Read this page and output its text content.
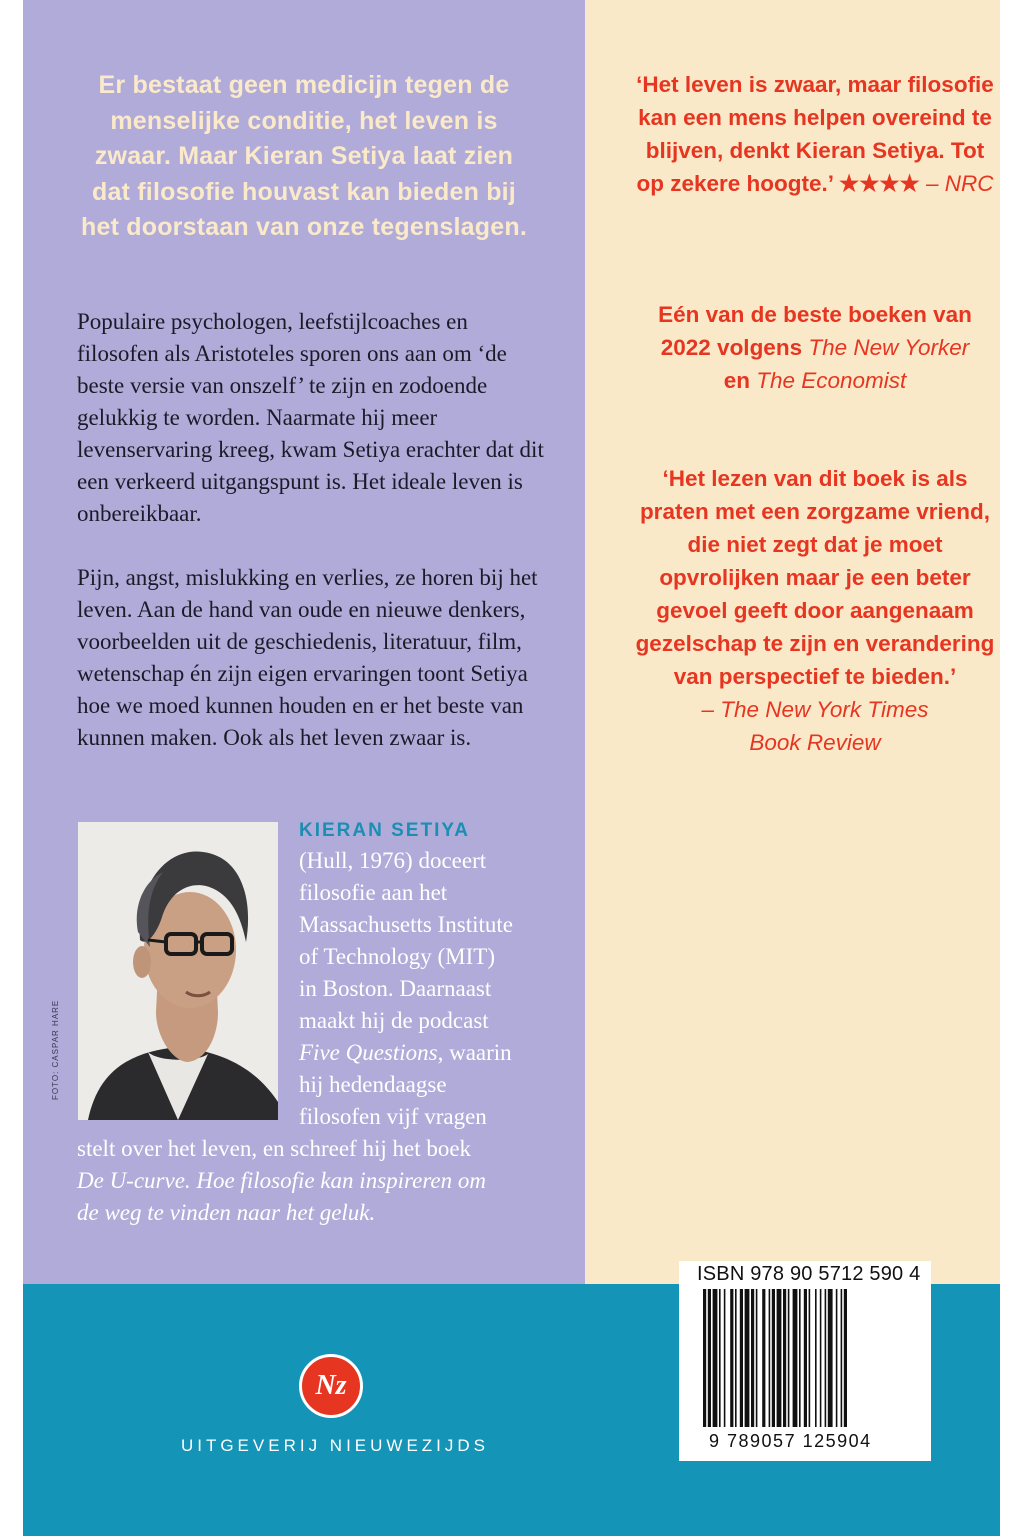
Er bestaat geen medicijn tegen de menselijke conditie, het leven is zwaar. Maar Kieran Setiya laat zien dat filosofie houvast kan bieden bij het doorstaan van onze tegenslagen.

Populaire psychologen, leefstijlcoaches en filosofen als Aristoteles sporen ons aan om ‘de beste versie van onszelf’ te zijn en zodoende gelukkig te worden. Naarmate hij meer levenservaring kreeg, kwam Setiya erachter dat dit een verkeerd uitgangspunt is. Het ideale leven is onbereikbaar.

Pijn, angst, mislukking en verlies, ze horen bij het leven. Aan de hand van oude en nieuwe denkers, voorbeelden uit de geschiedenis, literatuur, film, wetenschap én zijn eigen ervaringen toont Setiya hoe we moed kunnen houden en er het beste van kunnen maken. Ook als het leven zwaar is.

FOTO: CASPAR HARE
KIERAN SETIYA
(Hull, 1976) doceert
filosofie aan het
Massachusetts Institute
of Technology (MIT)
in Boston. Daarnaast
maakt hij de podcast
Five Questions, waarin
hij hedendaagse
filosofen vijf vragen
stelt over het leven, en schreef hij het boek
De U-curve. Hoe filosofie kan inspireren om
de weg te vinden naar het geluk.

‘Het leven is zwaar, maar filosofie kan een mens helpen overeind te blijven, denkt Kieran Setiya. Tot op zekere hoogte.’ ★★★★ – NRC

Eén van de beste boeken van 2022 volgens The New Yorker
en The Economist

‘Het lezen van dit boek is als praten met een zorgzame vriend, die niet zegt dat je moet opvrolijken maar je een beter gevoel geeft door aangenaam gezelschap te zijn en verandering van perspectief te bieden.’
– The New York Times
Book Review

ISBN 978 90 5712 590 4
9 789057 125904
Nz
UITGEVERIJ NIEUWEZIJDS
